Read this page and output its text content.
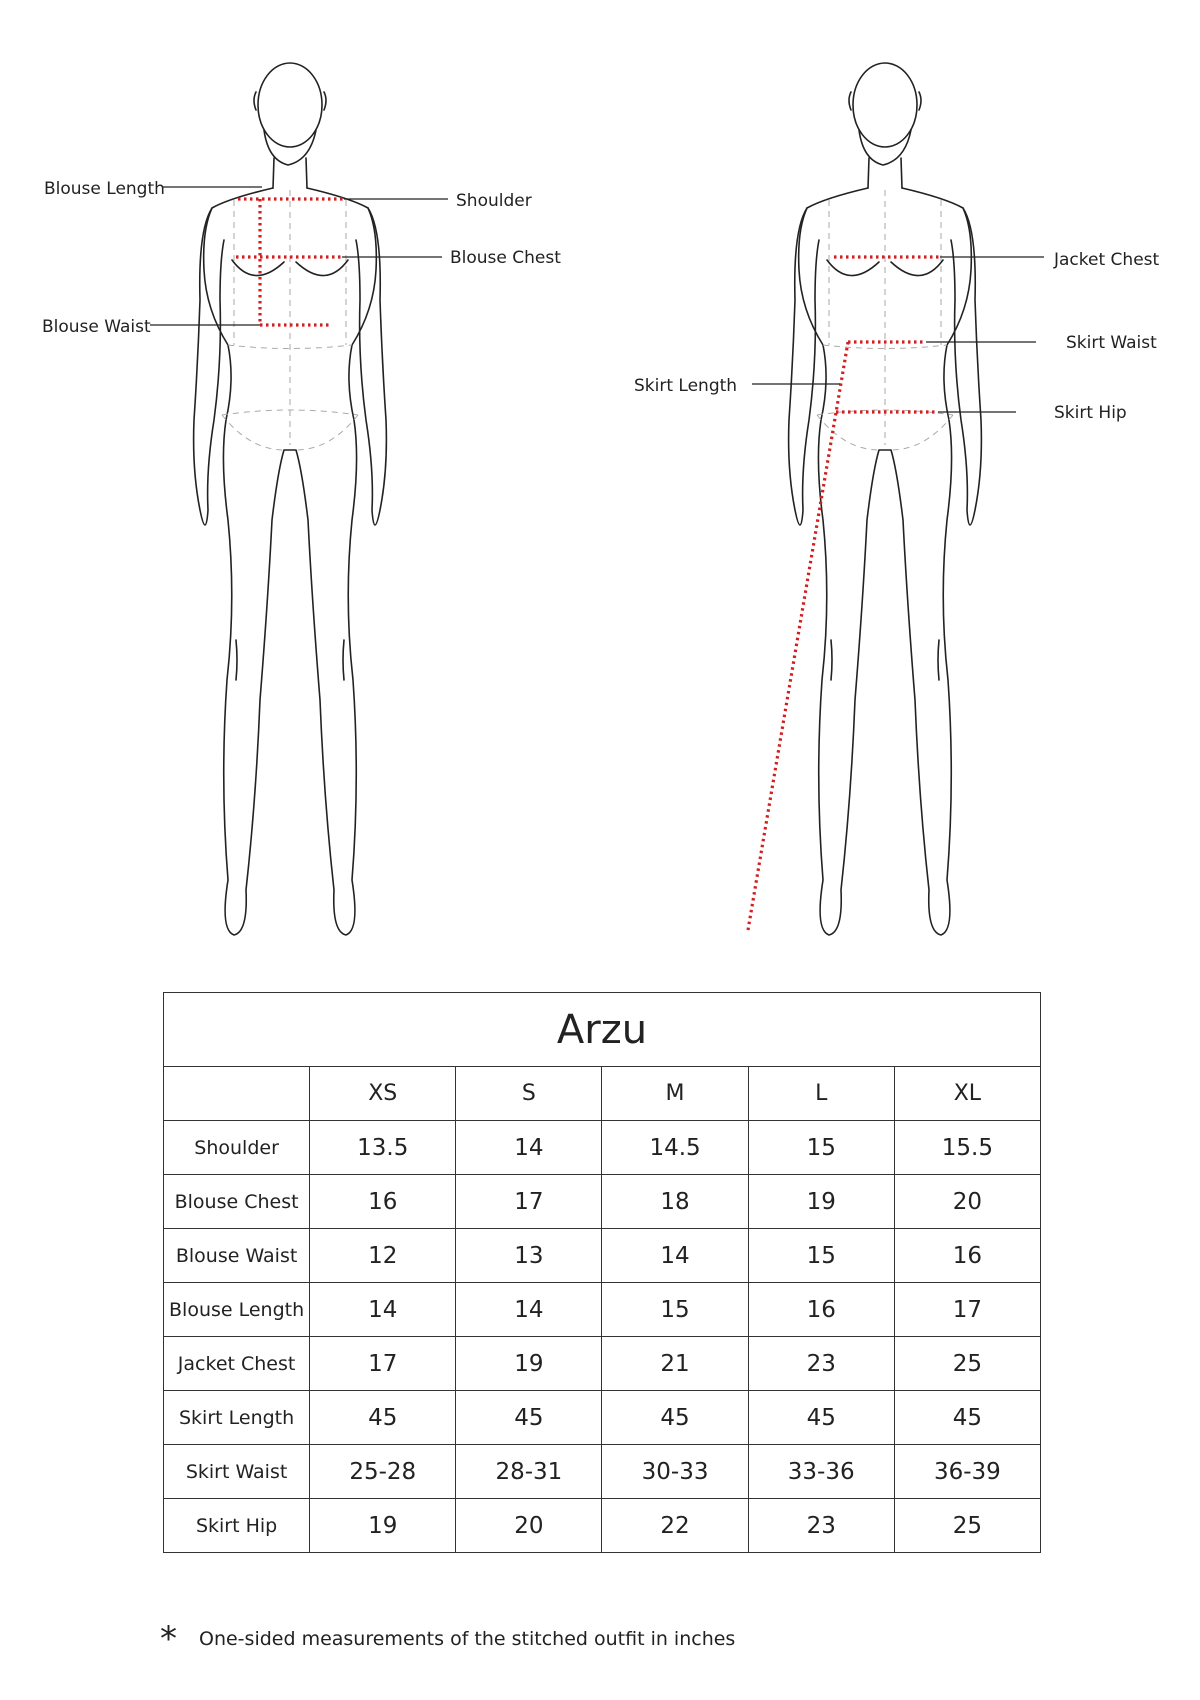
Blouse Length
Shoulder
Blouse Chest
Blouse Waist
Jacket Chest
Skirt Waist
Skirt Length
Skirt Hip
Arzu					
	XS	S	M	L	XL
Shoulder	13.5	14	14.5	15	15.5
Blouse Chest	16	17	18	19	20
Blouse Waist	12	13	14	15	16
Blouse Length	14	14	15	16	17
Jacket Chest	17	19	21	23	25
Skirt Length	45	45	45	45	45
Skirt Waist	25-28	28-31	30-33	33-36	36-39
Skirt Hip	19	20	22	23	25
* One-sided measurements of the stitched outfit in inches
